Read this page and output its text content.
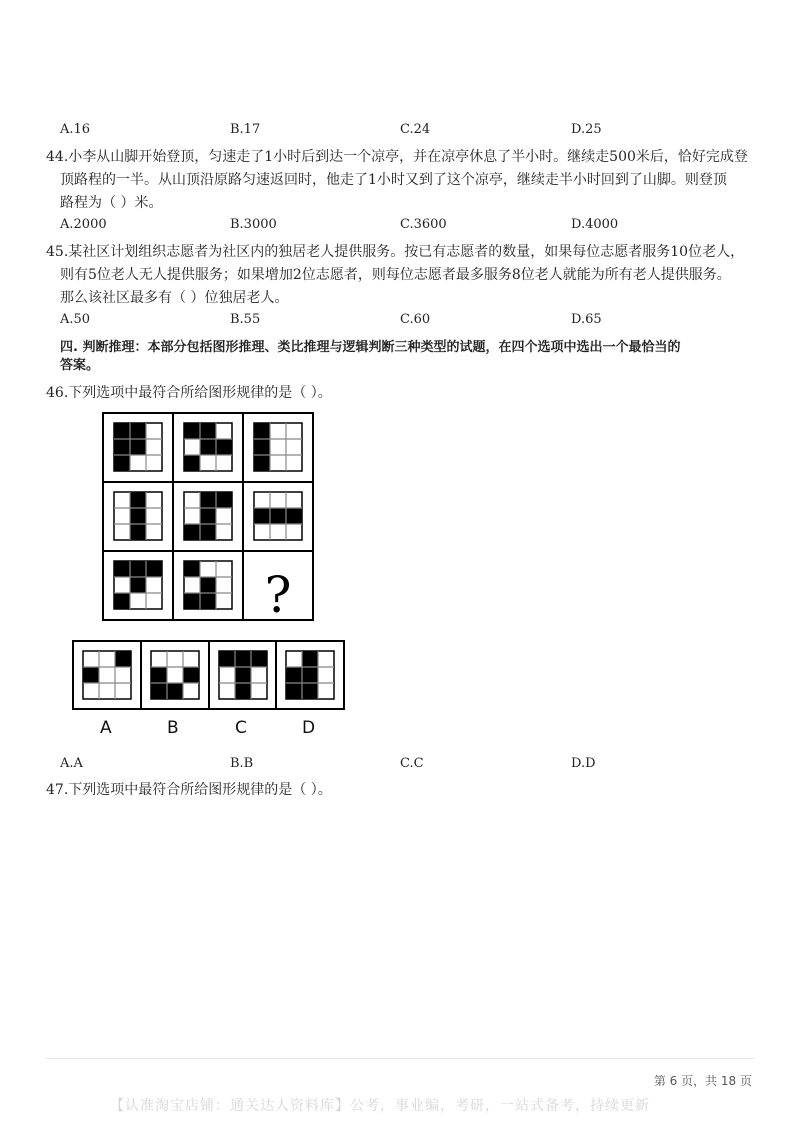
A.16	B.17	C.24	D.25
44.小李从山脚开始登顶，匀速走了1小时后到达一个凉亭，并在凉亭休息了半小时。继续走500米后，恰好完成登
顶路程的一半。从山顶沿原路匀速返回时，他走了1小时又到了这个凉亭，继续走半小时回到了山脚。则登顶
路程为（ ）米。
A.2000	B.3000	C.3600	D.4000
45.某社区计划组织志愿者为社区内的独居老人提供服务。按已有志愿者的数量，如果每位志愿者服务10位老人，
则有5位老人无人提供服务；如果增加2位志愿者，则每位志愿者最多服务8位老人就能为所有老人提供服务。
那么该社区最多有（ ）位独居老人。
A.50	B.55	C.60	D.65
四. 判断推理：本部分包括图形推理、类比推理与逻辑判断三种类型的试题，在四个选项中选出一个最恰当的
答案。
46.下列选项中最符合所给图形规律的是（ ）。
?
A	B	C	D
A.A	B.B	C.C	D.D
47.下列选项中最符合所给图形规律的是（ ）。
第 6 页，共 18 页
【认准淘宝店铺：通关达人资料库】公考，事业编，考研，一站式备考，持续更新
